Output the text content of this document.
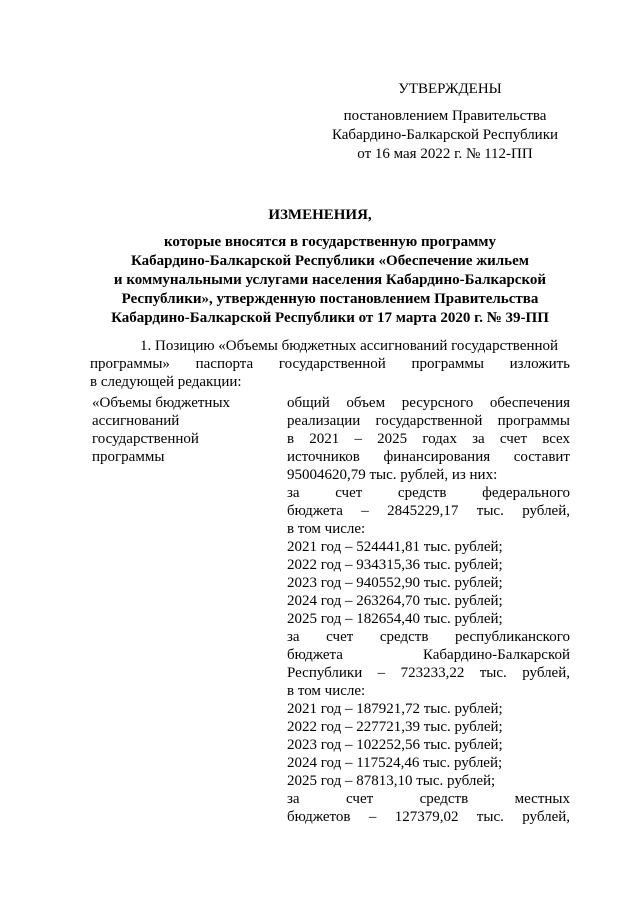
УТВЕРЖДЕНЫ
постановлением Правительства
Кабардино-Балкарской Республики
от 16 мая 2022 г. № 112-ПП
ИЗМЕНЕНИЯ,
которые вносятся в государственную программу
Кабардино-Балкарской Республики «Обеспечение жильем
и коммунальными услугами населения Кабардино-Балкарской
Республики», утвержденную постановлением Правительства
Кабардино-Балкарской Республики от 17 марта 2020 г. № 39-ПП
1. Позицию «Объемы бюджетных ассигнований государственной
программы» паспорта государственной программы изложить
в следующей редакции:
«Объемы бюджетных
ассигнований
государственной
программы
общий объем ресурсного обеспечения
реализации государственной программы
в 2021 – 2025 годах за счет всех
источников финансирования составит
95004620,79 тыс. рублей, из них:
за счет средств федерального
бюджета – 2845229,17 тыс. рублей,
в том числе:
2021 год – 524441,81 тыс. рублей;
2022 год – 934315,36 тыс. рублей;
2023 год – 940552,90 тыс. рублей;
2024 год – 263264,70 тыс. рублей;
2025 год – 182654,40 тыс. рублей;
за счет средств республиканского
бюджета Кабардино-Балкарской
Республики – 723233,22 тыс. рублей,
в том числе:
2021 год – 187921,72 тыс. рублей;
2022 год – 227721,39 тыс. рублей;
2023 год – 102252,56 тыс. рублей;
2024 год – 117524,46 тыс. рублей;
2025 год – 87813,10 тыс. рублей;
за счет средств местных
бюджетов – 127379,02 тыс. рублей,
